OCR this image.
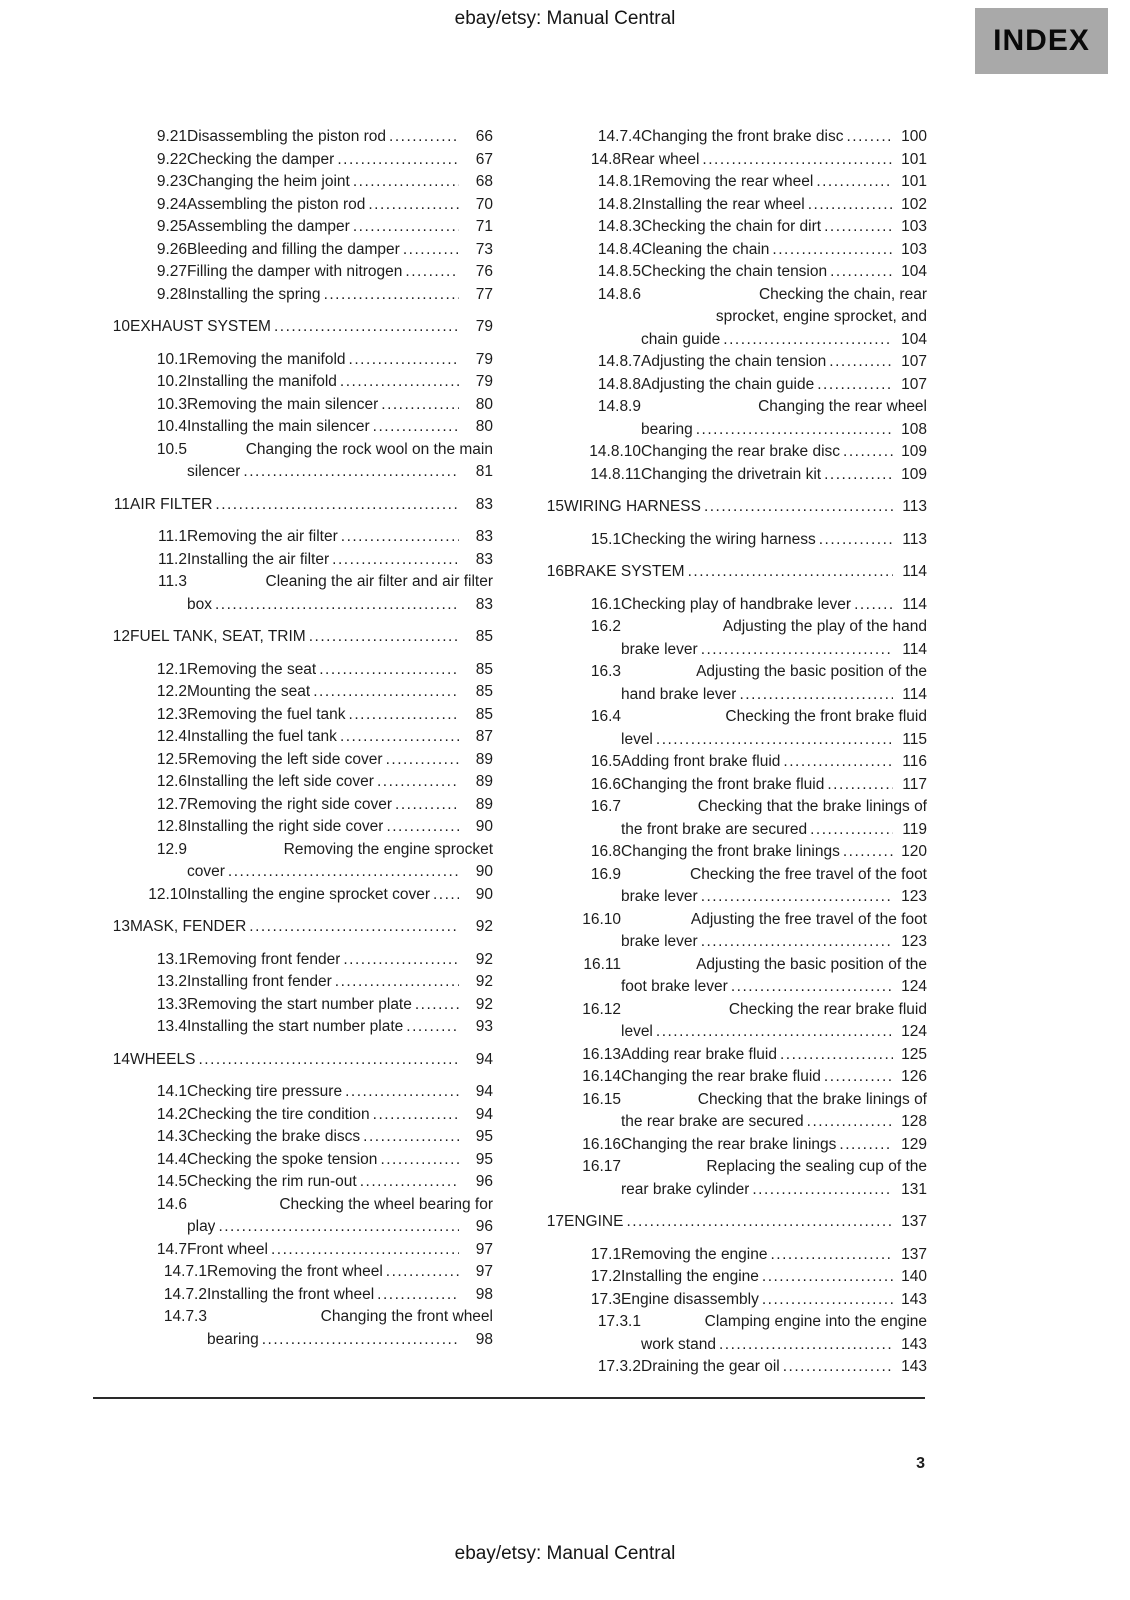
ebay/etsy: Manual Central
INDEX
9.21 Disassembling the piston rod .....	66
9.22 Checking the damper .....	67
9.23 Changing the heim joint .....	68
9.24 Assembling the piston rod .....	70
9.25 Assembling the damper .....	71
9.26 Bleeding and filling the damper .....	73
9.27 Filling the damper with nitrogen .....	76
9.28 Installing the spring .....	77
10 EXHAUST SYSTEM .....	79
10.1 Removing the manifold .....	79
10.2 Installing the manifold .....	79
10.3 Removing the main silencer .....	80
10.4 Installing the main silencer .....	80
10.5	Changing the rock wool on the main
silencer .....	81
11 AIR FILTER .....	83
11.1 Removing the air filter .....	83
11.2 Installing the air filter .....	83
11.3	Cleaning the air filter and air filter
box .....	83
12 FUEL TANK, SEAT, TRIM .....	85
12.1 Removing the seat .....	85
12.2 Mounting the seat .....	85
12.3 Removing the fuel tank .....	85
12.4 Installing the fuel tank .....	87
12.5 Removing the left side cover .....	89
12.6 Installing the left side cover .....	89
12.7 Removing the right side cover .....	89
12.8 Installing the right side cover .....	90
12.9	Removing the engine sprocket
cover .....	90
12.10 Installing the engine sprocket cover .....	90
13 MASK, FENDER .....	92
13.1 Removing front fender .....	92
13.2 Installing front fender .....	92
13.3 Removing the start number plate .....	92
13.4 Installing the start number plate .....	93
14 WHEELS .....	94
14.1 Checking tire pressure .....	94
14.2 Checking the tire condition .....	94
14.3 Checking the brake discs .....	95
14.4 Checking the spoke tension .....	95
14.5 Checking the rim run-out .....	96
14.6	Checking the wheel bearing for
play .....	96
14.7 Front wheel .....	97
14.7.1 Removing the front wheel .....	97
14.7.2 Installing the front wheel .....	98
14.7.3	Changing the front wheel
bearing .....	98
14.7.4 Changing the front brake disc .....	100
14.8 Rear wheel .....	101
14.8.1 Removing the rear wheel .....	101
14.8.2 Installing the rear wheel .....	102
14.8.3 Checking the chain for dirt .....	103
14.8.4 Cleaning the chain .....	103
14.8.5 Checking the chain tension .....	104
14.8.6	Checking the chain, rear
sprocket, engine sprocket, and
chain guide .....	104
14.8.7 Adjusting the chain tension .....	107
14.8.8 Adjusting the chain guide .....	107
14.8.9	Changing the rear wheel
bearing .....	108
14.8.10 Changing the rear brake disc .....	109
14.8.11 Changing the drivetrain kit .....	109
15 WIRING HARNESS .....	113
15.1 Checking the wiring harness .....	113
16 BRAKE SYSTEM .....	114
16.1 Checking play of handbrake lever .....	114
16.2	Adjusting the play of the hand
brake lever .....	114
16.3	Adjusting the basic position of the
hand brake lever .....	114
16.4	Checking the front brake fluid
level .....	115
16.5 Adding front brake fluid .....	116
16.6 Changing the front brake fluid .....	117
16.7	Checking that the brake linings of
the front brake are secured .....	119
16.8 Changing the front brake linings .....	120
16.9	Checking the free travel of the foot
brake lever .....	123
16.10	Adjusting the free travel of the foot
brake lever .....	123
16.11	Adjusting the basic position of the
foot brake lever .....	124
16.12	Checking the rear brake fluid
level .....	124
16.13 Adding rear brake fluid .....	125
16.14 Changing the rear brake fluid .....	126
16.15	Checking that the brake linings of
the rear brake are secured .....	128
16.16 Changing the rear brake linings .....	129
16.17	Replacing the sealing cup of the
rear brake cylinder .....	131
17 ENGINE .....	137
17.1 Removing the engine .....	137
17.2 Installing the engine .....	140
17.3 Engine disassembly .....	143
17.3.1	Clamping engine into the engine
work stand .....	143
17.3.2 Draining the gear oil .....	143
3
ebay/etsy: Manual Central
